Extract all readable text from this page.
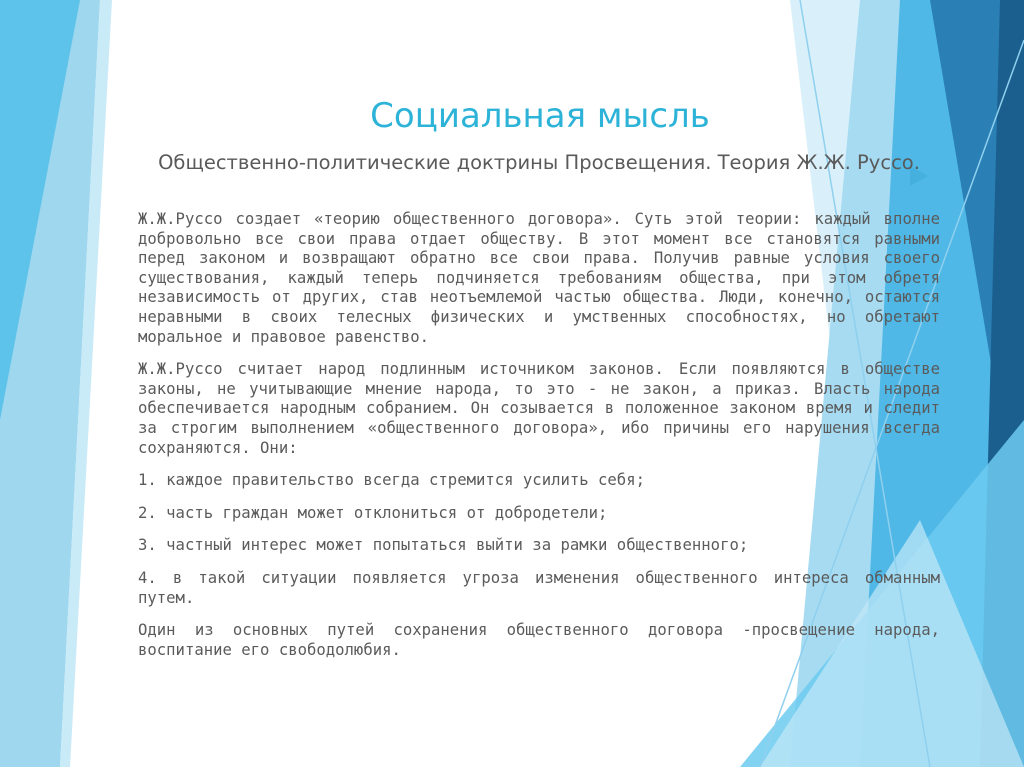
Социальная мысль
Общественно-политические доктрины Просвещения. Теория Ж.Ж. Руссо.

Ж.Ж.Руссо создает «теорию общественного договора». Суть этой теории: каждый вполне добровольно все свои права отдает обществу. В этот момент все становятся равными перед законом и возвращают обратно все свои права. Получив равные условия своего существования, каждый теперь подчиняется требованиям общества, при этом обретя независимость от других, став неотъемлемой частью общества. Люди, конечно, остаются неравными в своих телесных физических и умственных способностях, но обретают моральное и правовое равенство.

Ж.Ж.Руссо считает народ подлинным источником законов. Если появляются в обществе законы, не учитывающие мнение народа, то это - не закон, а приказ. Власть народа обеспечивается народным собранием. Он созывается в положенное законом время и следит за строгим выполнением «общественного договора», ибо причины его нарушения всегда сохраняются. Они:

1. каждое правительство всегда стремится усилить себя;

2. часть граждан может отклониться от добродетели;

3. частный интерес может попытаться выйти за рамки общественного;

4. в такой ситуации появляется угроза изменения общественного интереса обманным путем.

Один из основных путей сохранения общественного договора -просвещение народа, воспитание его свободолюбия.
